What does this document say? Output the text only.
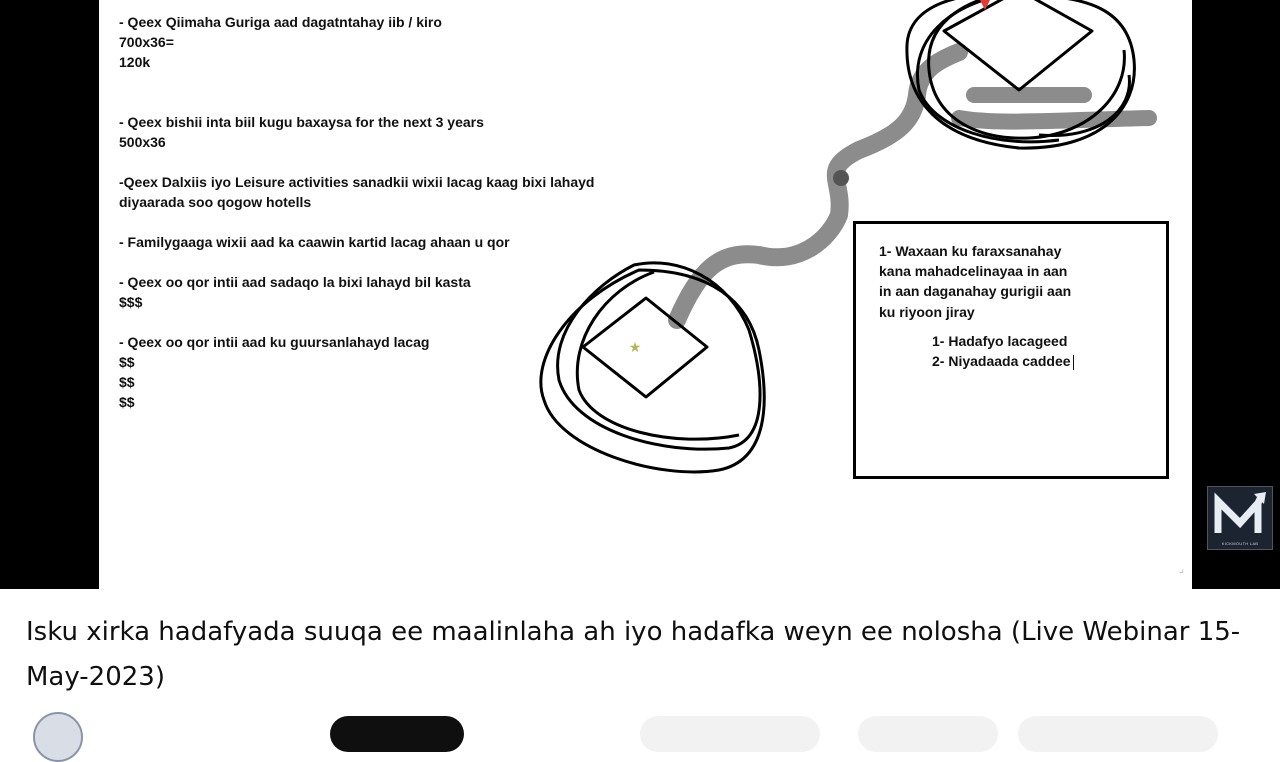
★
- Qeex Qiimaha Guriga aad dagatntahay iib / kiro
700x36=
120k
- Qeex bishii inta biil kugu baxaysa for the next 3 years
500x36
-Qeex Dalxiis iyo Leisure activities sanadkii wixii lacag kaag bixi lahayd
diyaarada soo qogow hotells
- Familygaaga wixii aad ka caawin kartid lacag ahaan u qor
- Qeex oo qor intii aad sadaqo la bixi lahayd bil kasta
$$$
- Qeex oo qor intii aad ku guursanlahayd lacag
$$
$$
$$
1- Waxaan ku faraxsanahay
kana mahadcelinayaa in aan
in aan daganahay gurigii aan
ku riyoon jiray
1- Hadafyo lacageed
2- Niyadaada caddee
⌟
KICKMOUTH LAB
Isku xirka hadafyada suuqa ee maalinlaha ah iyo hadafka weyn ee nolosha (Live Webinar 15-May-2023)
